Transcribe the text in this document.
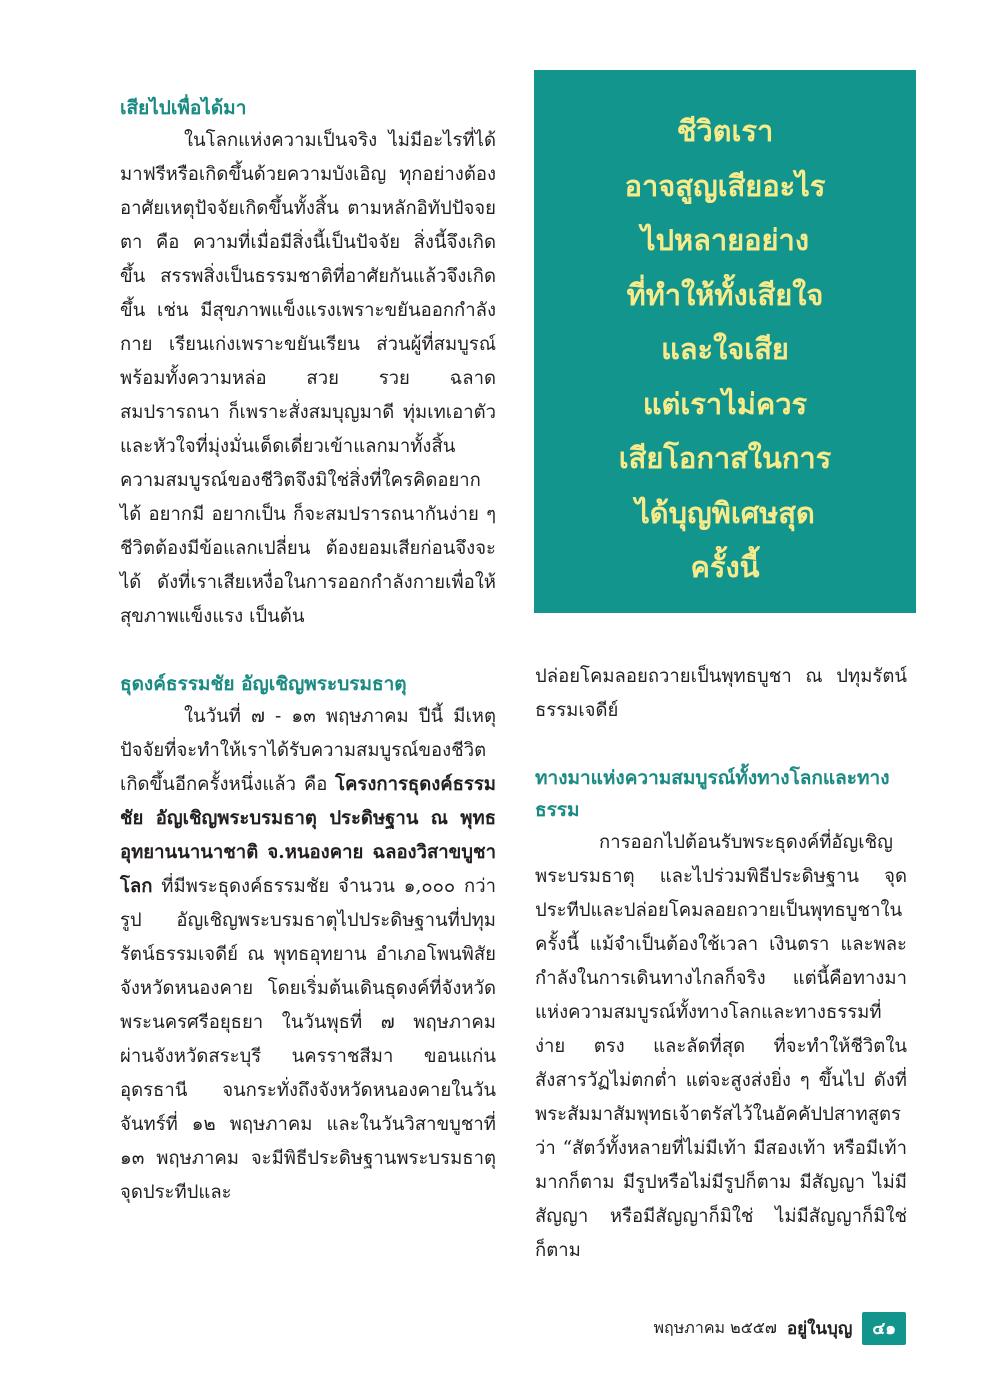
เสียไปเพื่อได้มา

ในโลกแห่งความเป็นจริง ไม่มีอะไรที่ได้มาฟรีหรือเกิดขึ้นด้วยความบังเอิญ ทุกอย่างต้องอาศัยเหตุปัจจัยเกิดขึ้นทั้งสิ้น ตามหลักอิทัปปัจจยตา คือ ความที่เมื่อมีสิ่งนี้เป็นปัจจัย สิ่งนี้จึงเกิดขึ้น สรรพสิ่งเป็นธรรมชาติที่อาศัยกันแล้วจึงเกิดขึ้น เช่น มีสุขภาพแข็งแรงเพราะขยันออกกำลังกาย เรียนเก่งเพราะขยันเรียน ส่วนผู้ที่สมบูรณ์พร้อมทั้งความหล่อ สวย รวย ฉลาด สมปรารถนา ก็เพราะสั่งสมบุญมาดี ทุ่มเทเอาตัวและหัวใจที่มุ่งมั่นเด็ดเดี่ยวเข้าแลกมาทั้งสิ้น ความสมบูรณ์ของชีวิตจึงมิใช่สิ่งที่ใครคิดอยากได้ อยากมี อยากเป็น ก็จะสมปรารถนากันง่าย ๆ ชีวิตต้องมีข้อแลกเปลี่ยน ต้องยอมเสียก่อนจึงจะได้ ดังที่เราเสียเหงื่อในการออกกำลังกายเพื่อให้สุขภาพแข็งแรง เป็นต้น

ธุดงค์ธรรมชัย อัญเชิญพระบรมธาตุ

ในวันที่ ๗ - ๑๓ พฤษภาคม ปีนี้ มีเหตุปัจจัยที่จะทำให้เราได้รับความสมบูรณ์ของชีวิตเกิดขึ้นอีกครั้งหนึ่งแล้ว คือ โครงการธุดงค์ธรรมชัย อัญเชิญพระบรมธาตุ ประดิษฐาน ณ พุทธอุทยานนานาชาติ จ.หนองคาย ฉลองวิสาขบูชาโลก ที่มีพระธุดงค์ธรรมชัย จำนวน ๑,๐๐๐ กว่ารูป อัญเชิญพระบรมธาตุไปประดิษฐานที่ปทุมรัตน์ธรรมเจดีย์ ณ พุทธอุทยาน อำเภอโพนพิสัย จังหวัดหนองคาย โดยเริ่มต้นเดินธุดงค์ที่จังหวัดพระนครศรีอยุธยา ในวันพุธที่ ๗ พฤษภาคม ผ่านจังหวัดสระบุรี นครราชสีมา ขอนแก่น อุดรธานี จนกระทั่งถึงจังหวัดหนองคายในวันจันทร์ที่ ๑๒ พฤษภาคม และในวันวิสาขบูชาที่ ๑๓ พฤษภาคม จะมีพิธีประดิษฐานพระบรมธาตุ จุดประทีปและ

ชีวิตเรา
อาจสูญเสียอะไร
ไปหลายอย่าง
ที่ทำให้ทั้งเสียใจ
และใจเสีย
แต่เราไม่ควร
เสียโอกาสในการ
ได้บุญพิเศษสุด
ครั้งนี้

ปล่อยโคมลอยถวายเป็นพุทธบูชา ณ ปทุมรัตน์ธรรมเจดีย์

ทางมาแห่งความสมบูรณ์ทั้งทางโลกและทางธรรม

การออกไปต้อนรับพระธุดงค์ที่อัญเชิญพระบรมธาตุ และไปร่วมพิธีประดิษฐาน จุดประทีปและปล่อยโคมลอยถวายเป็นพุทธบูชาในครั้งนี้ แม้จำเป็นต้องใช้เวลา เงินตรา และพละกำลังในการเดินทางไกลก็จริง แต่นี้คือทางมาแห่งความสมบูรณ์ทั้งทางโลกและทางธรรมที่ง่าย ตรง และลัดที่สุด ที่จะทำให้ชีวิตในสังสารวัฏไม่ตกต่ำ แต่จะสูงส่งยิ่ง ๆ ขึ้นไป ดังที่พระสัมมาสัมพุทธเจ้าตรัสไว้ในอัคคัปปสาทสูตรว่า “สัตว์ทั้งหลายที่ไม่มีเท้า มีสองเท้า หรือมีเท้ามากก็ตาม มีรูปหรือไม่มีรูปก็ตาม มีสัญญา ไม่มีสัญญา หรือมีสัญญาก็มิใช่ ไม่มีสัญญาก็มิใช่ก็ตาม

พฤษภาคม ๒๕๕๗ อยู่ในบุญ	๔๑
